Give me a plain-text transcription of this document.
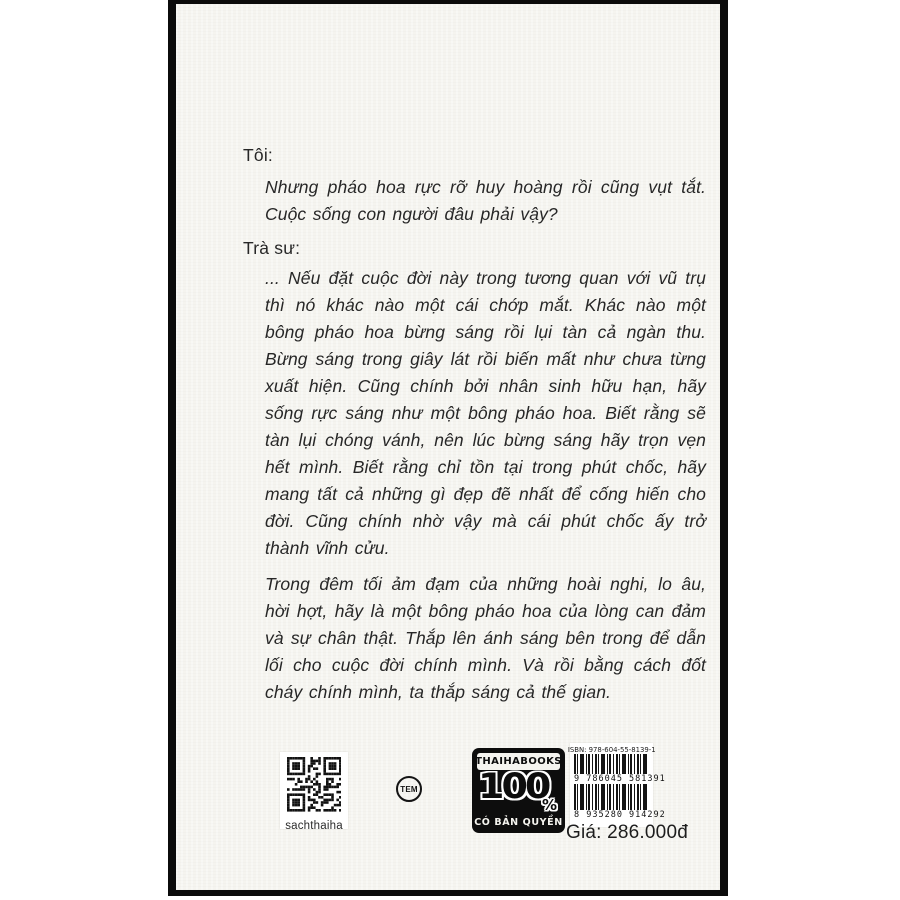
Tôi:
Nhưng pháo hoa rực rỡ huy hoàng rồi cũng vụt tắt. Cuộc sống con người đâu phải vậy?
Trà sư:
... Nếu đặt cuộc đời này trong tương quan với vũ trụ thì nó khác nào một cái chớp mắt. Khác nào một bông pháo hoa bừng sáng rồi lụi tàn cả ngàn thu. Bừng sáng trong giây lát rồi biến mất như chưa từng xuất hiện. Cũng chính bởi nhân sinh hữu hạn, hãy sống rực sáng như một bông pháo hoa. Biết rằng sẽ tàn lụi chóng vánh, nên lúc bừng sáng hãy trọn vẹn hết mình. Biết rằng chỉ tồn tại trong phút chốc, hãy mang tất cả những gì đẹp đẽ nhất để cống hiến cho đời. Cũng chính nhờ vậy mà cái phút chốc ấy trở thành vĩnh cửu.
Trong đêm tối ảm đạm của những hoài nghi, lo âu, hời hợt, hãy là một bông pháo hoa của lòng can đảm và sự chân thật. Thắp lên ánh sáng bên trong để dẫn lối cho cuộc đời chính mình. Và rồi bằng cách đốt cháy chính mình, ta thắp sáng cả thế gian.
sachthaiha
TEM
THAIHABOOKS
100
%
CÓ BẢN QUYỀN
ISBN: 978-604-55-8139-1
9 786045 581391
8 935280 914292
Giá: 286.000đ
